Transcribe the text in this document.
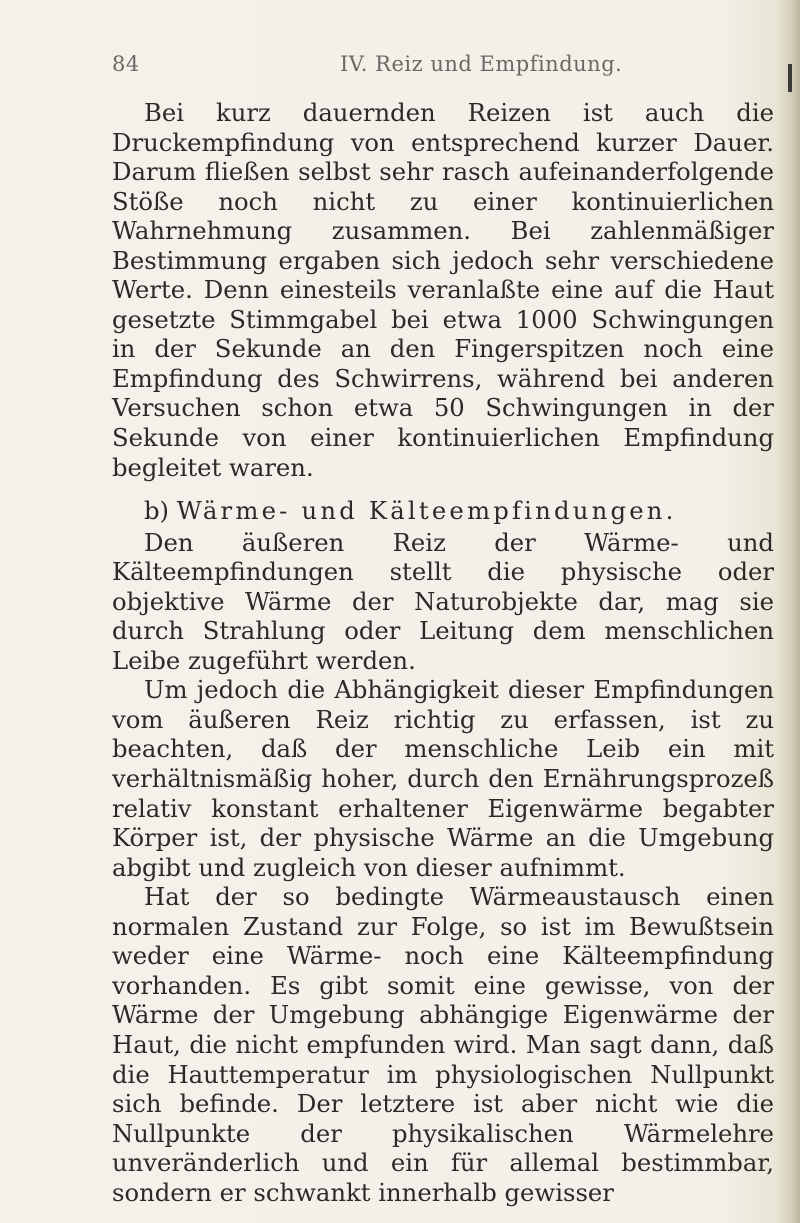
84	IV. Reiz und Empfindung.

Bei kurz dauernden Reizen ist auch die Druckempfindung von entsprechend kurzer Dauer. Darum fließen selbst sehr rasch aufeinanderfolgende Stöße noch nicht zu einer kontinuierlichen Wahrnehmung zusammen. Bei zahlenmäßiger Bestimmung ergaben sich jedoch sehr verschiedene Werte. Denn einesteils veranlaßte eine auf die Haut gesetzte Stimmgabel bei etwa 1000 Schwingungen in der Sekunde an den Fingerspitzen noch eine Empfindung des Schwirrens, während bei anderen Versuchen schon etwa 50 Schwingungen in der Sekunde von einer kontinuierlichen Empfindung begleitet waren.

b) Wärme- und Kälteempfindungen.

Den äußeren Reiz der Wärme- und Kälteempfindungen stellt die physische oder objektive Wärme der Naturobjekte dar, mag sie durch Strahlung oder Leitung dem menschlichen Leibe zugeführt werden.

Um jedoch die Abhängigkeit dieser Empfindungen vom äußeren Reiz richtig zu erfassen, ist zu beachten, daß der menschliche Leib ein mit verhältnismäßig hoher, durch den Ernährungsprozeß relativ konstant erhaltener Eigenwärme begabter Körper ist, der physische Wärme an die Umgebung abgibt und zugleich von dieser aufnimmt.

Hat der so bedingte Wärmeaustausch einen normalen Zustand zur Folge, so ist im Bewußtsein weder eine Wärme- noch eine Kälteempfindung vorhanden. Es gibt somit eine gewisse, von der Wärme der Umgebung abhängige Eigenwärme der Haut, die nicht empfunden wird. Man sagt dann, daß die Hauttemperatur im physiologischen Nullpunkt sich befinde. Der letztere ist aber nicht wie die Nullpunkte der physikalischen Wärmelehre unveränderlich und ein für allemal bestimmbar, sondern er schwankt innerhalb gewisser
